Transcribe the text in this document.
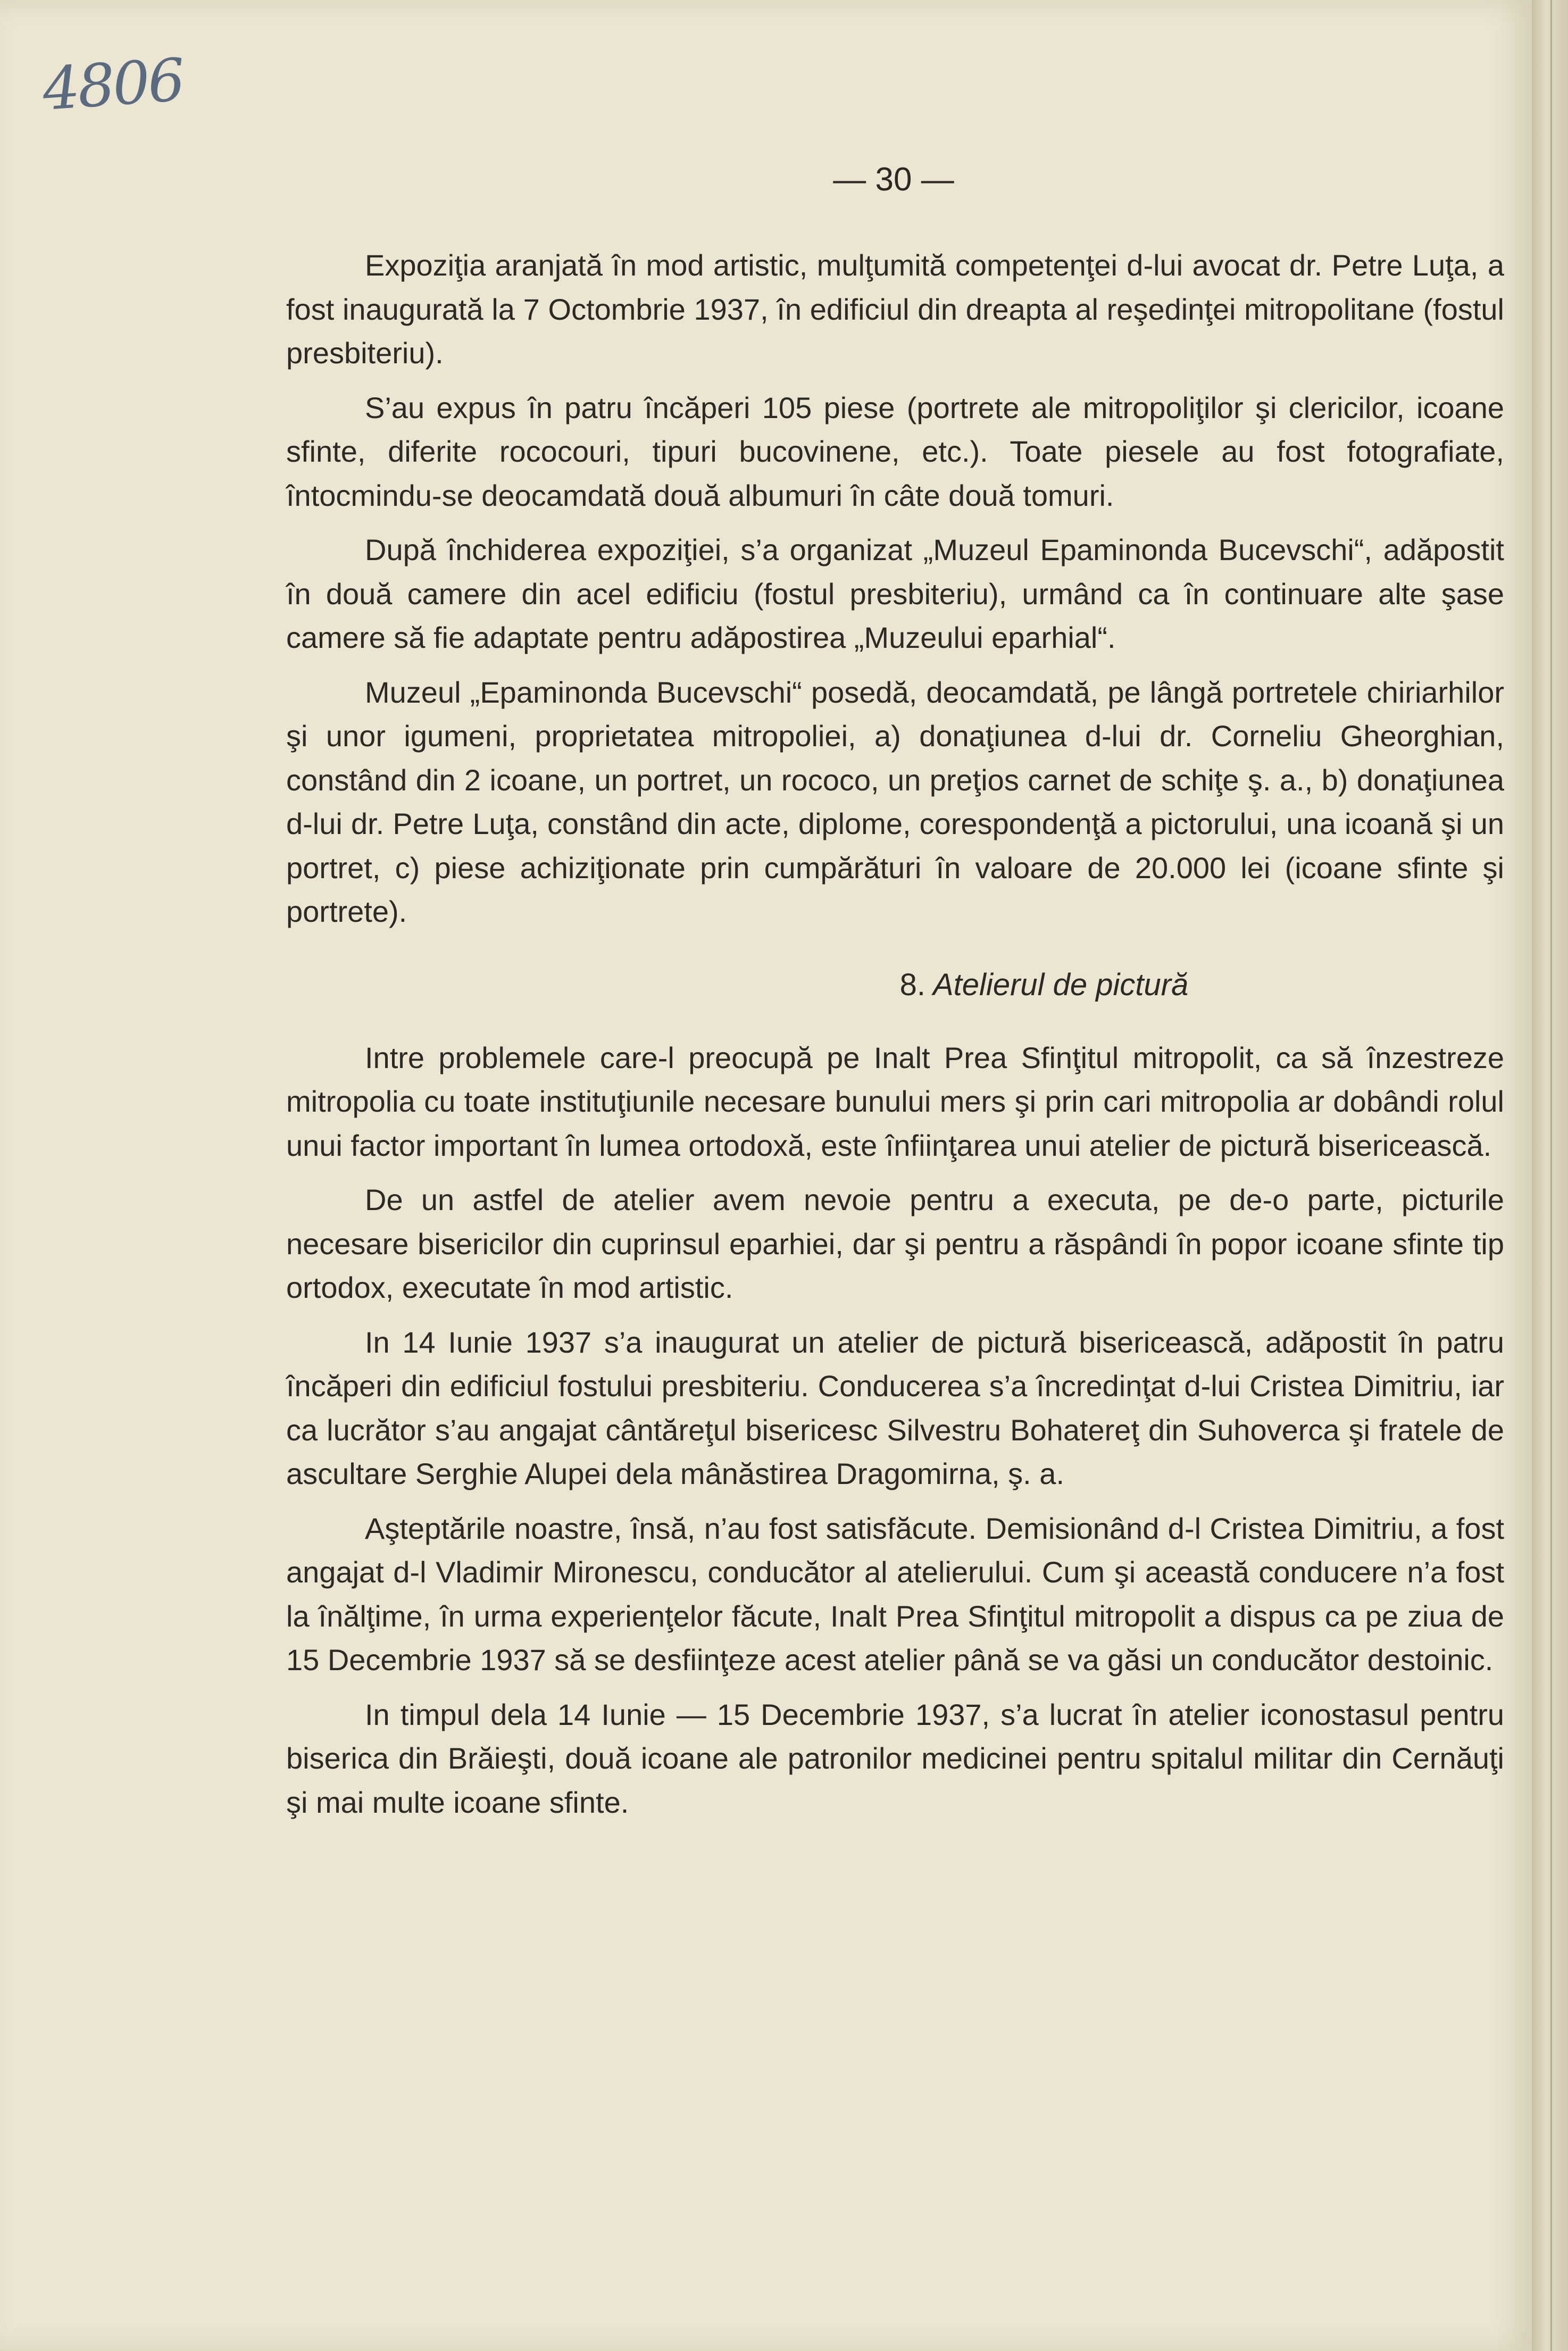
4806
— 30 —

Expoziţia aranjată în mod artistic, mulţumită competenţei d-lui avocat dr. Petre Luţa, a fost inaugurată la 7 Octombrie 1937, în edificiul din dreapta al reşedinţei mitropolitane (fostul presbiteriu).

S’au expus în patru încăperi 105 piese (portrete ale mitropoliţilor şi clericilor, icoane sfinte, diferite rococouri, tipuri bucovinene, etc.). Toate piesele au fost fotografiate, întocmindu-se deocamdată două albumuri în câte două tomuri.

După închiderea expoziţiei, s’a organizat „Muzeul Epaminonda Bucevschi“, adăpostit în două camere din acel edificiu (fostul presbiteriu), urmând ca în continuare alte şase camere să fie adaptate pentru adăpostirea „Muzeului eparhial“.

Muzeul „Epaminonda Bucevschi“ posedă, deocamdată, pe lângă portretele chiriarhilor şi unor igumeni, proprietatea mitropoliei, a) donaţiunea d-lui dr. Corneliu Gheorghian, constând din 2 icoane, un portret, un rococo, un preţios carnet de schiţe ş. a., b) donaţiunea d-lui dr. Petre Luţa, constând din acte, diplome, corespondenţă a pictorului, una icoană şi un portret, c) piese achiziţionate prin cumpărături în valoare de 20.000 lei (icoane sfinte şi portrete).

8. Atelierul de pictură

Intre problemele care-l preocupă pe Inalt Prea Sfinţitul mitropolit, ca să înzestreze mitropolia cu toate instituţiunile necesare bunului mers şi prin cari mitropolia ar dobândi rolul unui factor important în lumea ortodoxă, este înfiinţarea unui atelier de pictură bisericească.

De un astfel de atelier avem nevoie pentru a executa, pe de-o parte, picturile necesare bisericilor din cuprinsul eparhiei, dar şi pentru a răspândi în popor icoane sfinte tip ortodox, executate în mod artistic.

In 14 Iunie 1937 s’a inaugurat un atelier de pictură bisericească, adăpostit în patru încăperi din edificiul fostului presbiteriu. Conducerea s’a încredinţat d-lui Cristea Dimitriu, iar ca lucrător s’au angajat cântăreţul bisericesc Silvestru Bohatereţ din Suhoverca şi fratele de ascultare Serghie Alupei dela mânăstirea Dragomirna, ş. a.

Aşteptările noastre, însă, n’au fost satisfăcute. Demisionând d-l Cristea Dimitriu, a fost angajat d-l Vladimir Mironescu, conducător al atelierului. Cum şi această conducere n’a fost la înălţime, în urma experienţelor făcute, Inalt Prea Sfinţitul mitropolit a dispus ca pe ziua de 15 Decembrie 1937 să se desfiinţeze acest atelier până se va găsi un conducător destoinic.

In timpul dela 14 Iunie — 15 Decembrie 1937, s’a lucrat în atelier iconostasul pentru biserica din Brăieşti, două icoane ale patronilor medicinei pentru spitalul militar din Cernăuţi şi mai multe icoane sfinte.
